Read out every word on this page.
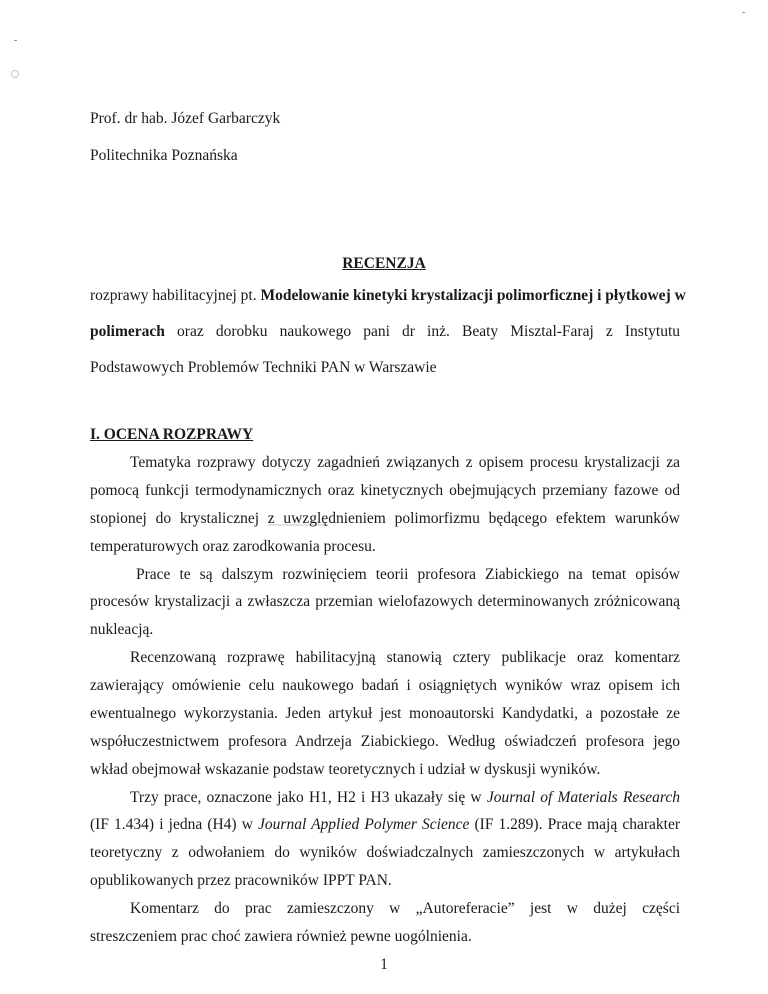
Prof. dr hab. Józef Garbarczyk
Politechnika Poznańska
RECENZJA
rozprawy habilitacyjnej pt. Modelowanie kinetyki krystalizacji polimorficznej i płytkowej w
polimerach oraz dorobku naukowego pani dr inż. Beaty Misztal-Faraj z Instytutu
Podstawowych Problemów Techniki PAN w Warszawie
I. OCENA ROZPRAWY
Tematyka rozprawy dotyczy zagadnień związanych z opisem procesu krystalizacji za
pomocą funkcji termodynamicznych oraz kinetycznych obejmujących przemiany fazowe od
stopionej do krystalicznej z uwzględnieniem polimorfizmu będącego efektem warunków
temperaturowych oraz zarodkowania procesu.
Prace te są dalszym rozwinięciem teorii profesora Ziabickiego na temat opisów
procesów krystalizacji a zwłaszcza przemian wielofazowych determinowanych zróżnicowaną
nukleacją.
Recenzowaną rozprawę habilitacyjną stanowią cztery publikacje oraz komentarz
zawierający omówienie celu naukowego badań i osiągniętych wyników wraz opisem ich
ewentualnego wykorzystania. Jeden artykuł jest monoautorski Kandydatki, a pozostałe ze
współuczestnictwem profesora Andrzeja Ziabickiego. Według oświadczeń profesora jego
wkład obejmował wskazanie podstaw teoretycznych i udział w dyskusji wyników.
Trzy prace, oznaczone jako H1, H2 i H3 ukazały się w Journal of Materials Research
(IF 1.434) i jedna (H4) w Journal Applied Polymer Science (IF 1.289). Prace mają charakter
teoretyczny z odwołaniem do wyników doświadczalnych zamieszczonych w artykułach
opublikowanych przez pracowników IPPT PAN.
Komentarz do prac zamieszczony w „Autoreferacie” jest w dużej części
streszczeniem prac choć zawiera również pewne uogólnienia.
1
